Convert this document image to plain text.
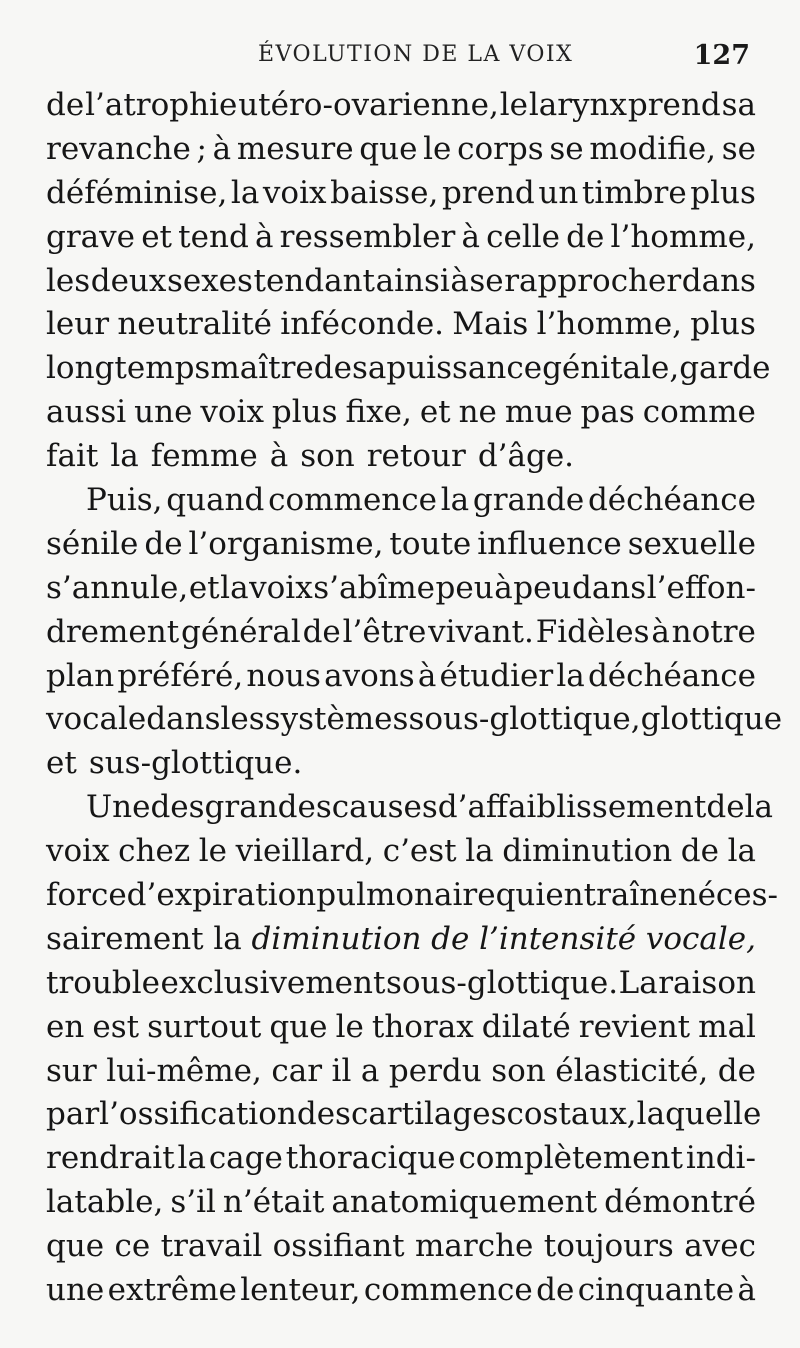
ÉVOLUTION DE LA VOIX	127
de l’atrophie utéro-ovarienne, le larynx prend sa
revanche ; à mesure que le corps se modifie, se
déféminise, la voix baisse, prend un timbre plus
grave et tend à ressembler à celle de l’homme,
les deux sexes tendant ainsi à se rapprocher dans
leur neutralité inféconde. Mais l’homme, plus
longtemps maître de sa puissance génitale, garde
aussi une voix plus fixe, et ne mue pas comme
fait la femme à son retour d’âge.
Puis, quand commence la grande déchéance
sénile de l’organisme, toute influence sexuelle
s’annule, et la voix s’abîme peu à peu dans l’effon-
drement général de l’être vivant. Fidèles à notre
plan préféré, nous avons à étudier la déchéance
vocale dans les systèmes sous-glottique, glottique
et sus-glottique.
Une des grandes causes d’affaiblissement de la
voix chez le vieillard, c’est la diminution de la
force d’expiration pulmonaire qui entraîne néces-
sairement la diminution de l’intensité vocale,
trouble exclusivement sous-glottique. La raison
en est surtout que le thorax dilaté revient mal
sur lui-même, car il a perdu son élasticité, de
par l’ossification des cartilages costaux, laquelle
rendrait la cage thoracique complètement indi-
latable, s’il n’était anatomiquement démontré
que ce travail ossifiant marche toujours avec
une extrême lenteur, commence de cinquante à
